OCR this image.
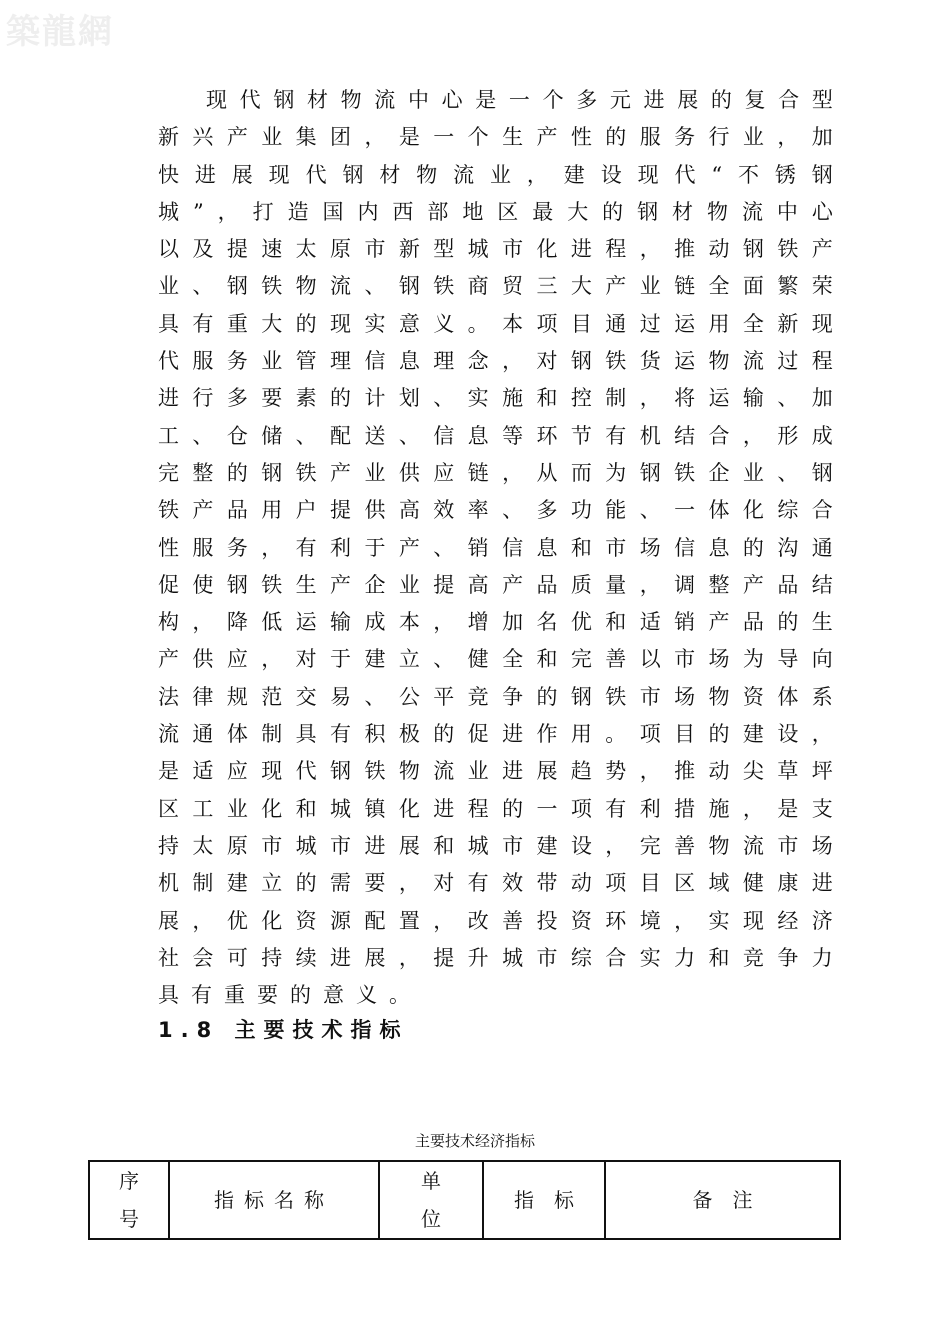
築龍網
现 代 钢 材 物 流 中 心 是 一 个 多 元 进 展 的 复 合 型
新 兴 产 业 集 团 ， 是 一 个 生 产 性 的 服 务 行 业 ， 加
快 进 展 现 代 钢 材 物 流 业 ， 建 设 现 代 “ 不 锈 钢
城 ” ， 打 造 国 内 西 部 地 区 最 大 的 钢 材 物 流 中 心
以 及 提 速 太 原 市 新 型 城 市 化 进 程 ， 推 动 钢 铁 产
业 、 钢 铁 物 流 、 钢 铁 商 贸 三 大 产 业 链 全 面 繁 荣
具 有 重 大 的 现 实 意 义 。 本 项 目 通 过 运 用 全 新 现
代 服 务 业 管 理 信 息 理 念 ， 对 钢 铁 货 运 物 流 过 程
进 行 多 要 素 的 计 划 、 实 施 和 控 制 ， 将 运 输 、 加
工 、 仓 储 、 配 送 、 信 息 等 环 节 有 机 结 合 ， 形 成
完 整 的 钢 铁 产 业 供 应 链 ， 从 而 为 钢 铁 企 业 、 钢
铁 产 品 用 户 提 供 高 效 率 、 多 功 能 、 一 体 化 综 合
性 服 务 ， 有 利 于 产 、 销 信 息 和 市 场 信 息 的 沟 通
促 使 钢 铁 生 产 企 业 提 高 产 品 质 量 ， 调 整 产 品 结
构 ， 降 低 运 输 成 本 ， 增 加 名 优 和 适 销 产 品 的 生
产 供 应 ， 对 于 建 立 、 健 全 和 完 善 以 市 场 为 导 向
法 律 规 范 交 易 、 公 平 竞 争 的 钢 铁 市 场 物 资 体 系
流 通 体 制 具 有 积 极 的 促 进 作 用 。 项 目 的 建 设 ，
是 适 应 现 代 钢 铁 物 流 业 进 展 趋 势 ， 推 动 尖 草 坪
区 工 业 化 和 城 镇 化 进 程 的 一 项 有 利 措 施 ， 是 支
持 太 原 市 城 市 进 展 和 城 市 建 设 ， 完 善 物 流 市 场
机 制 建 立 的 需 要 ， 对 有 效 带 动 项 目 区 域 健 康 进
展 ， 优 化 资 源 配 置 ， 改 善 投 资 环 境 ， 实 现 经 济
社 会 可 持 续 进 展 ， 提 升 城 市 综 合 实 力 和 竞 争 力
具 有 重 要 的 意 义 。
1.8 主要技术指标
主要技术经济指标
序
号
	指标名称	
单
位
	指　标	备　注
